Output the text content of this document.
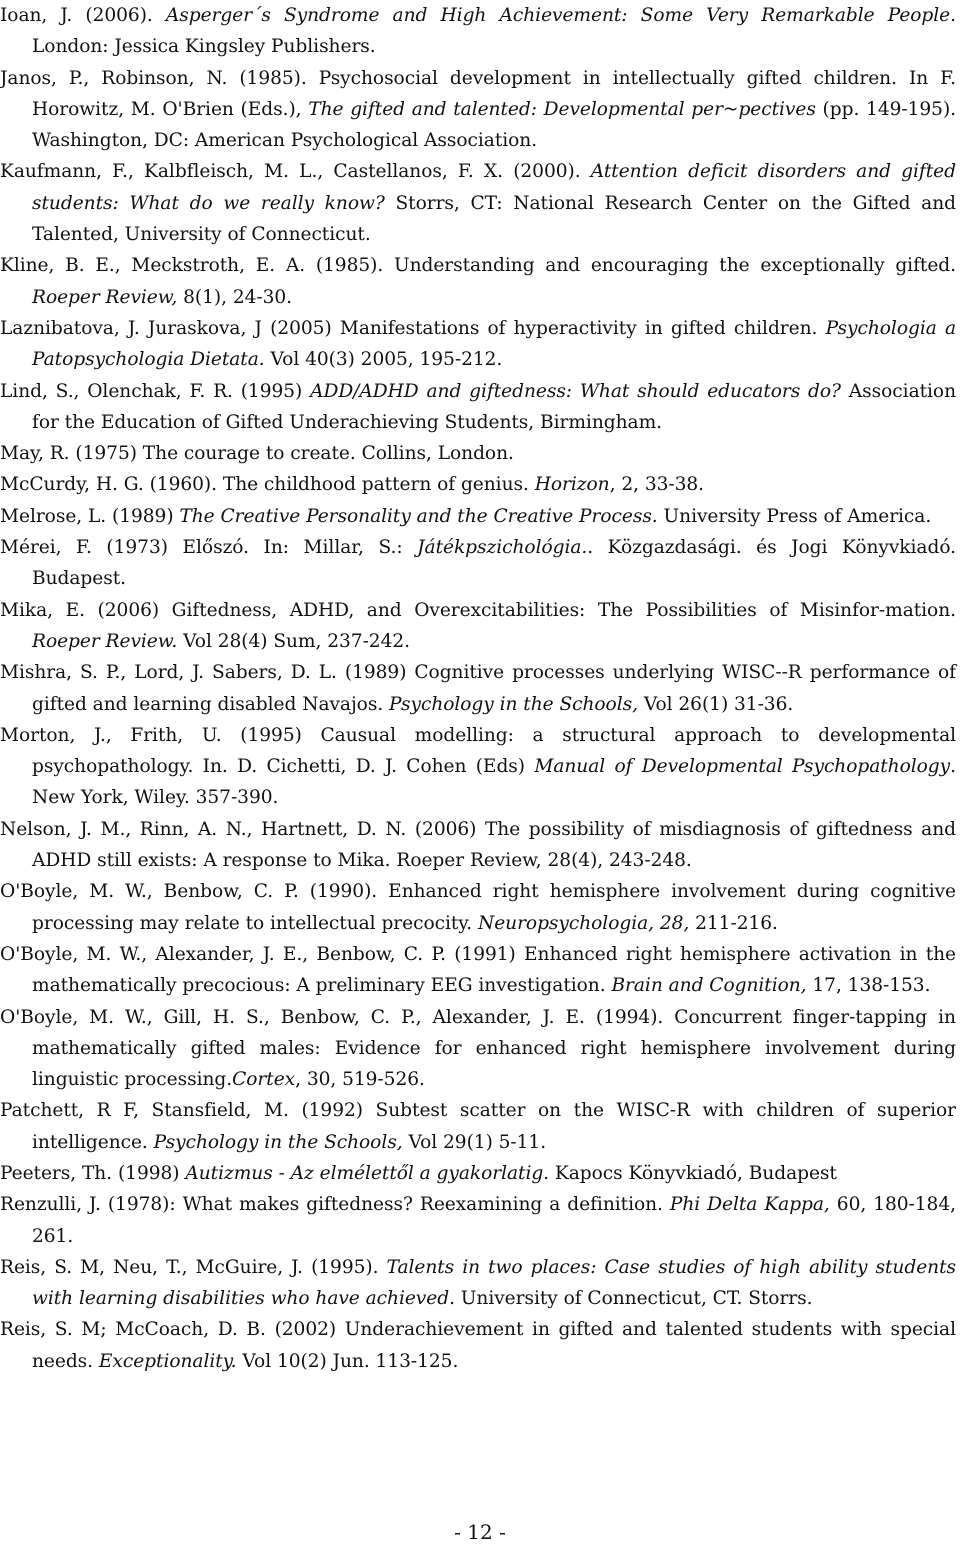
Ioan, J. (2006). Asperger´s Syndrome and High Achievement: Some Very Remarkable People. London: Jessica Kingsley Publishers.

Janos, P., Robinson, N. (1985). Psychosocial development in intellectually gifted children. In F. Horowitz, M. O'Brien (Eds.), The gifted and talented: Developmental per~pectives (pp. 149-195). Washington, DC: American Psychological Association.

Kaufmann, F., Kalbfleisch, M. L., Castellanos, F. X. (2000). Attention deficit disorders and gifted students: What do we really know? Storrs, CT: National Research Center on the Gifted and Talented, University of Connecticut.

Kline, B. E., Meckstroth, E. A. (1985). Understanding and encouraging the exceptionally gifted. Roeper Review, 8(1), 24-30.

Laznibatova, J. Juraskova, J (2005) Manifestations of hyperactivity in gifted children. Psychologia a Patopsychologia Dietata. Vol 40(3) 2005, 195-212.

Lind, S., Olenchak, F. R. (1995) ADD/ADHD and giftedness: What should educators do? Association for the Education of Gifted Underachieving Students, Birmingham.

May, R. (1975) The courage to create. Collins, London.

McCurdy, H. G. (1960). The childhood pattern of genius. Horizon, 2, 33-38.

Melrose, L. (1989) The Creative Personality and the Creative Process. University Press of America.

Mérei, F. (1973) Előszó. In: Millar, S.: Játékpszichológia.. Közgazdasági. és Jogi Könyvkiadó. Budapest.

Mika, E. (2006) Giftedness, ADHD, and Overexcitabilities: The Possibilities of Misinfor-mation. Roeper Review. Vol 28(4) Sum, 237-242.

Mishra, S. P., Lord, J. Sabers, D. L. (1989) Cognitive processes underlying WISC--R performance of gifted and learning disabled Navajos. Psychology in the Schools, Vol 26(1) 31-36.

Morton, J., Frith, U. (1995) Causual modelling: a structural approach to developmental psychopathology. In. D. Cichetti, D. J. Cohen (Eds) Manual of Developmental Psychopathology. New York, Wiley. 357-390.

Nelson, J. M., Rinn, A. N., Hartnett, D. N. (2006) The possibility of misdiagnosis of giftedness and ADHD still exists: A response to Mika. Roeper Review, 28(4), 243-248.

O'Boyle, M. W., Benbow, C. P. (1990). Enhanced right hemisphere involvement during cognitive processing may relate to intellectual precocity. Neuropsychologia, 28, 211-216.

O'Boyle, M. W., Alexander, J. E., Benbow, C. P. (1991) Enhanced right hemisphere activation in the mathematically precocious: A preliminary EEG investigation. Brain and Cognition, 17, 138-153.

O'Boyle, M. W., Gill, H. S., Benbow, C. P., Alexander, J. E. (1994). Concurrent finger-tapping in mathematically gifted males: Evidence for enhanced right hemisphere involvement during linguistic processing.Cortex, 30, 519-526.

Patchett, R F, Stansfield, M. (1992) Subtest scatter on the WISC-R with children of superior intelligence. Psychology in the Schools, Vol 29(1) 5-11.

Peeters, Th. (1998) Autizmus - Az elmélettől a gyakorlatig. Kapocs Könyvkiadó, Budapest

Renzulli, J. (1978): What makes giftedness? Reexamining a definition. Phi Delta Kappa, 60, 180-184, 261.

Reis, S. M, Neu, T., McGuire, J. (1995). Talents in two places: Case studies of high ability students with learning disabilities who have achieved. University of Connecticut, CT. Storrs.

Reis, S. M; McCoach, D. B. (2002) Underachievement in gifted and talented students with special needs. Exceptionality. Vol 10(2) Jun. 113-125.

- 12 -
